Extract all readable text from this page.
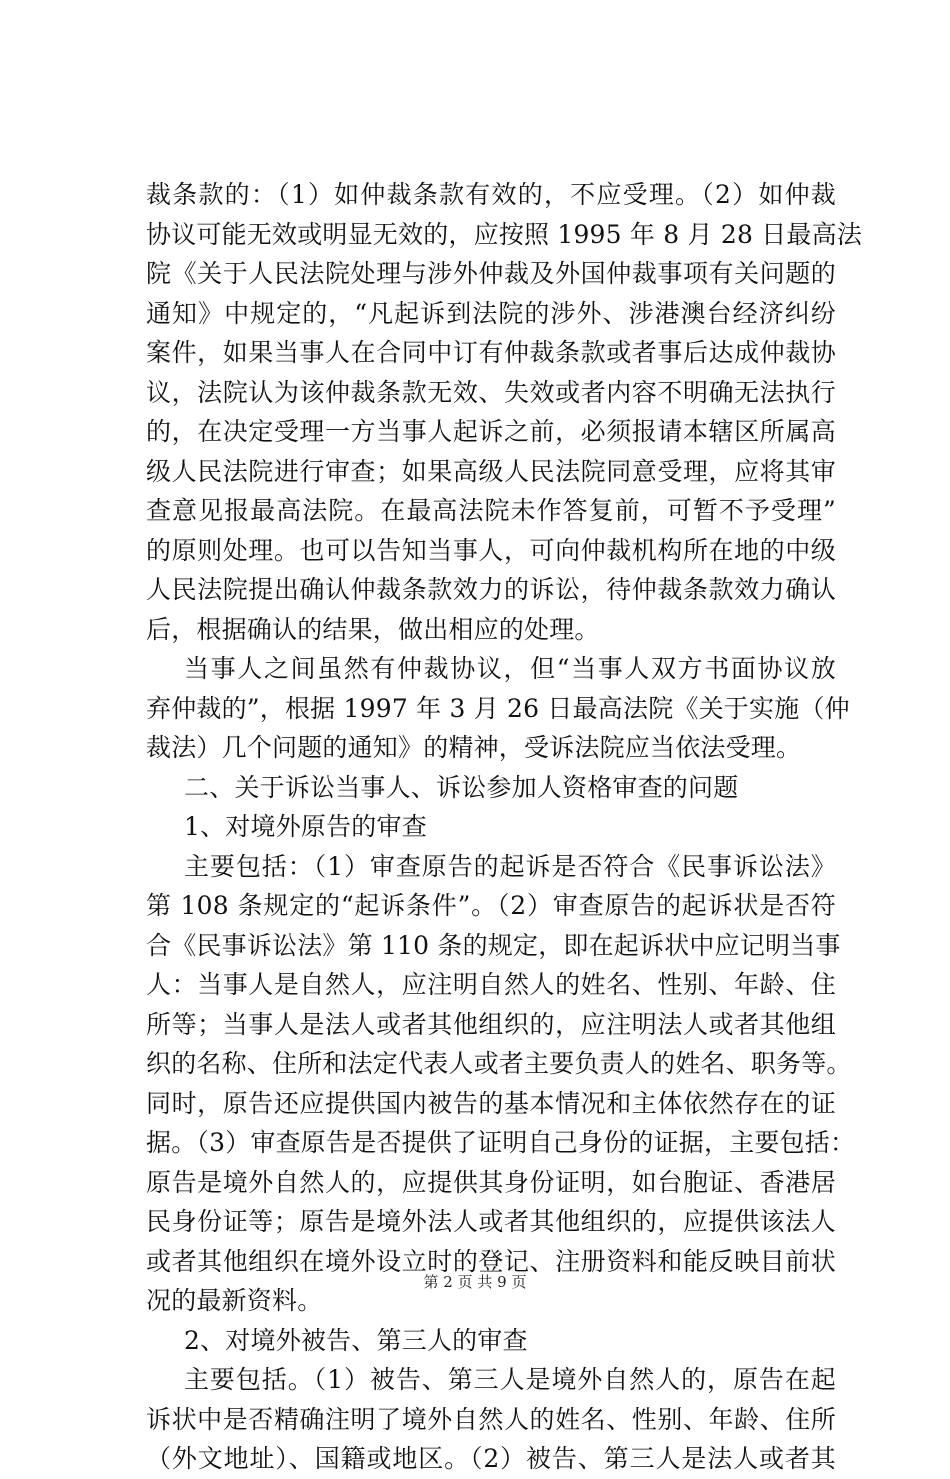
裁条款的：（1）如仲裁条款有效的，不应受理。（2）如仲裁
协议可能无效或明显无效的，应按照 1995 年 8 月 28 日最高法
院《关于人民法院处理与涉外仲裁及外国仲裁事项有关问题的
通知》中规定的，“凡起诉到法院的涉外、涉港澳台经济纠纷
案件，如果当事人在合同中订有仲裁条款或者事后达成仲裁协
议，法院认为该仲裁条款无效、失效或者内容不明确无法执行
的，在决定受理一方当事人起诉之前，必须报请本辖区所属高
级人民法院进行审查；如果高级人民法院同意受理，应将其审
查意见报最高法院。在最高法院未作答复前，可暂不予受理”
的原则处理。也可以告知当事人，可向仲裁机构所在地的中级
人民法院提出确认仲裁条款效力的诉讼，待仲裁条款效力确认
后，根据确认的结果，做出相应的处理。
当事人之间虽然有仲裁协议，但“当事人双方书面协议放
弃仲裁的”，根据 1997 年 3 月 26 日最高法院《关于实施（仲
裁法）几个问题的通知》的精神，受诉法院应当依法受理。
二、关于诉讼当事人、诉讼参加人资格审查的问题
1、对境外原告的审查
主要包括：（1）审查原告的起诉是否符合《民事诉讼法》
第 108 条规定的“起诉条件”。（2）审查原告的起诉状是否符
合《民事诉讼法》第 110 条的规定，即在起诉状中应记明当事
人：当事人是自然人，应注明自然人的姓名、性别、年龄、住
所等；当事人是法人或者其他组织的，应注明法人或者其他组
织的名称、住所和法定代表人或者主要负责人的姓名、职务等。
同时，原告还应提供国内被告的基本情况和主体依然存在的证
据。（3）审查原告是否提供了证明自己身份的证据，主要包括：
原告是境外自然人的，应提供其身份证明，如台胞证、香港居
民身份证等；原告是境外法人或者其他组织的，应提供该法人
或者其他组织在境外设立时的登记、注册资料和能反映目前状
况的最新资料。
2、对境外被告、第三人的审查
主要包括。（1）被告、第三人是境外自然人的，原告在起
诉状中是否精确注明了境外自然人的姓名、性别、年龄、住所
（外文地址）、国籍或地区。（2）被告、第三人是法人或者其
第 2 页 共 9 页
